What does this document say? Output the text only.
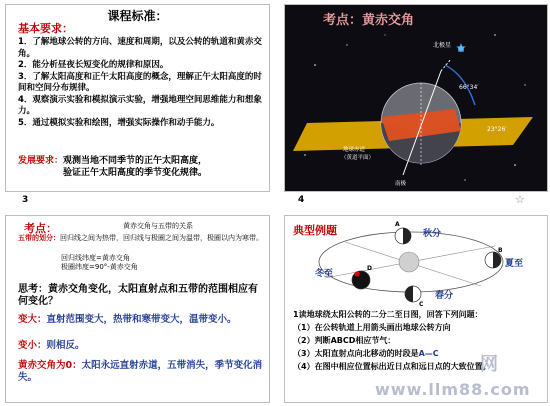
课程标准：
基本要求：
1．了解地球公转的方向、速度和周期，以及公转的轨道和黄赤交角。
2．能分析昼夜长短变化的规律和原因。
3．了解太阳高度和正午太阳高度的概念，理解正午太阳高度的时间和空间分布规律。
4．观察演示实验和模拟演示实验，增强地理空间思维能力和想象力。
5．通过模拟实验和绘图，增强实际操作和动手能力。
发展要求：观测当地不同季节的正午太阳高度，
验证正午太阳高度的季节变化规律。
3
考点：黄赤交角
北极星
66°34′
23°26′
地球赤道
（黄道平面）
南极
4	☆
考点：	黄赤交角与五带的关系
五带的划分：回归线之间为热带，回归线与极圈之间为温带，极圈以内为寒带。
回归线纬度=黄赤交角
极圈纬度=90°-黄赤交角
思考：黄赤交角变化，太阳直射点和五带的范围相应有何变化？
变大：直射范围变大，热带和寒带变大，温带变小。
变小：则相反。
黄赤交角为0：太阳永远直射赤道，五带消失，季节变化消失。
典型例题	A
B
C
D
秋分
夏至
冬至
春分
1读地球绕太阳公转的二分二至日图，回答下列问题：
（1）在公转轨道上用箭头画出地球公转方向
（2）判断ABCD相应节气：
（3）太阳直射点向北移动的时段是A—C
（4）在图中相应位置标出近日点和远日点的大致位置。
网
www.llm88.com
